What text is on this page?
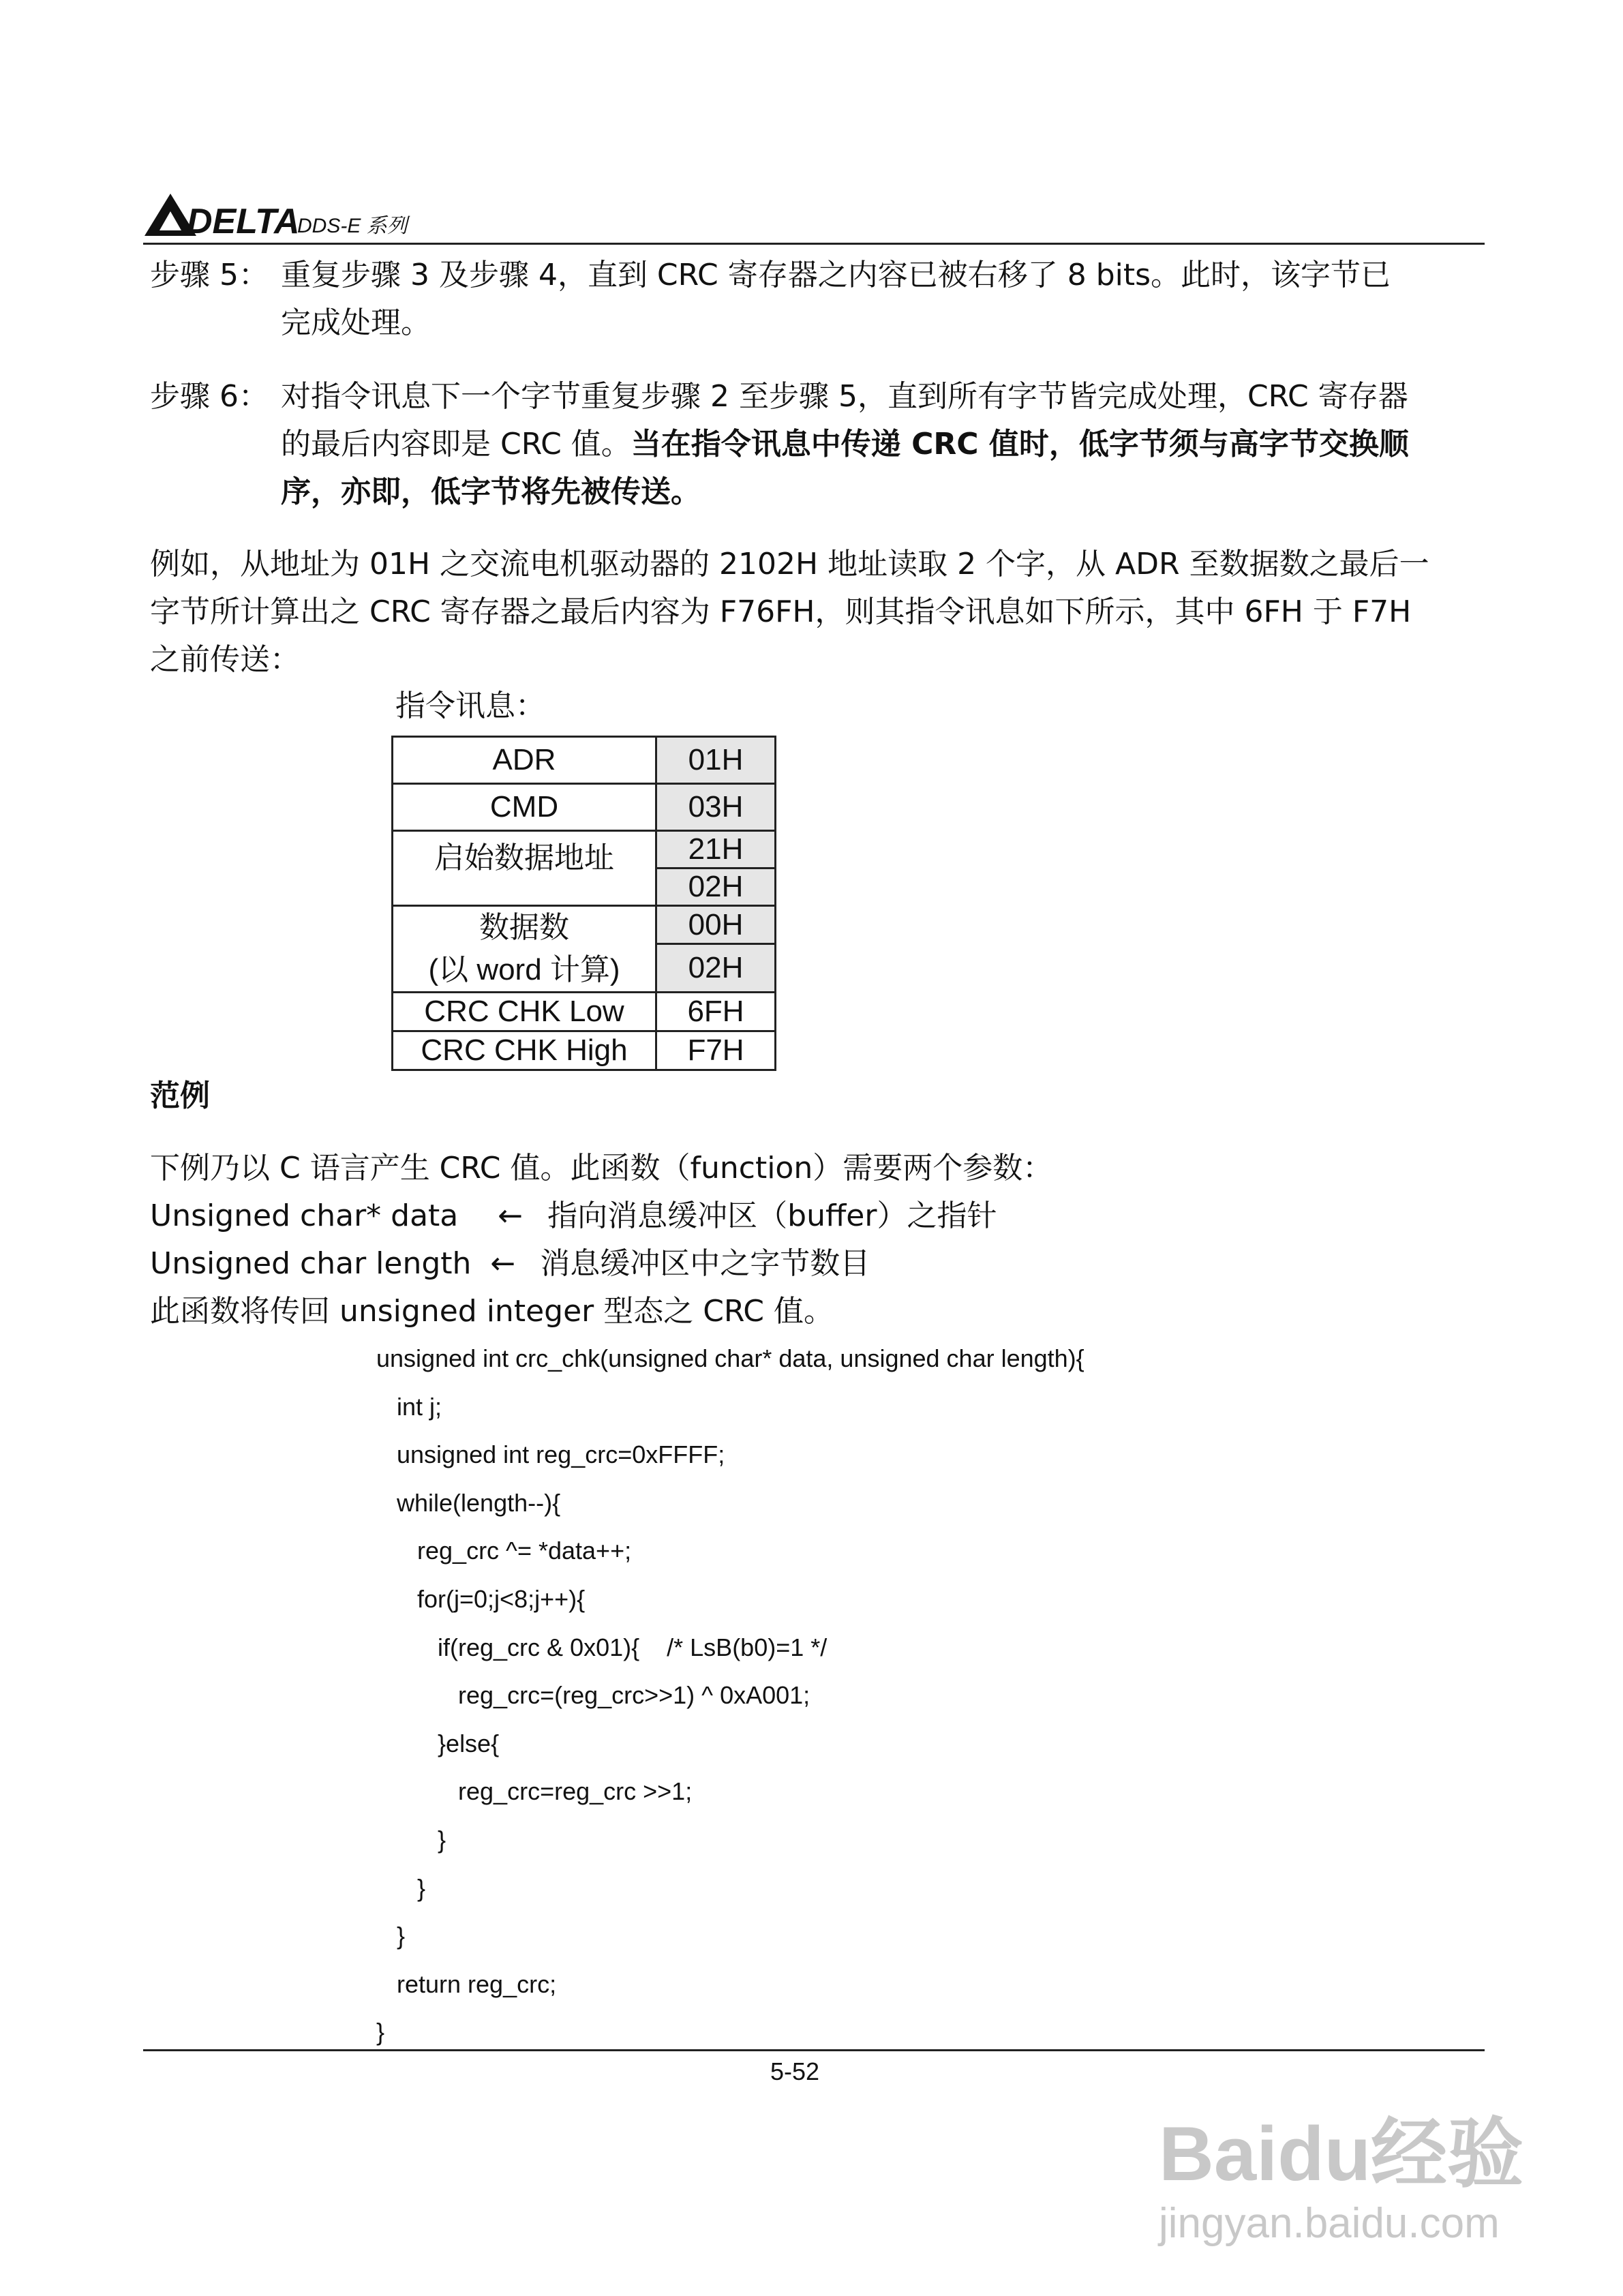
DELTA
DDS-E 系列
步骤 5： 重复步骤 3 及步骤 4，直到 CRC 寄存器之内容已被右移了 8 bits。此时，该字节已
完成处理。
步骤 6： 对指令讯息下一个字节重复步骤 2 至步骤 5，直到所有字节皆完成处理，CRC 寄存器
的最后内容即是 CRC 值。当在指令讯息中传递 CRC 值时，低字节须与高字节交换顺
序，亦即，低字节将先被传送。
例如，从地址为 01H 之交流电机驱动器的 2102H 地址读取 2 个字，从 ADR 至数据数之最后一
字节所计算出之 CRC 寄存器之最后内容为 F76FH，则其指令讯息如下所示，其中 6FH 于 F7H
之前传送：
指令讯息：
ADR	01H
CMD	03H
启始数据地址	21H
	02H

数据数
(以 word 计算)	00H
	02H
CRC CHK Low	6FH
CRC CHK High	F7H
范例
下例乃以 C 语言产生 CRC 值。此函数（function）需要两个参数：
Unsigned char* data ← 指向消息缓冲区（buffer）之指针
Unsigned char length ← 消息缓冲区中之字节数目
此函数将传回 unsigned integer 型态之 CRC 值。
unsigned int crc_chk(unsigned char* data, unsigned char length){
int j;
unsigned int reg_crc=0xFFFF;
while(length--){
reg_crc ^= *data++;
for(j=0;j<8;j++){
if(reg_crc & 0x01){    /* LsB(b0)=1 */
reg_crc=(reg_crc>>1) ^ 0xA001;
}else{
reg_crc=reg_crc >>1;
}
}
}
return reg_crc;
}
5-52
Baidu经验
jingyan.baidu.com
